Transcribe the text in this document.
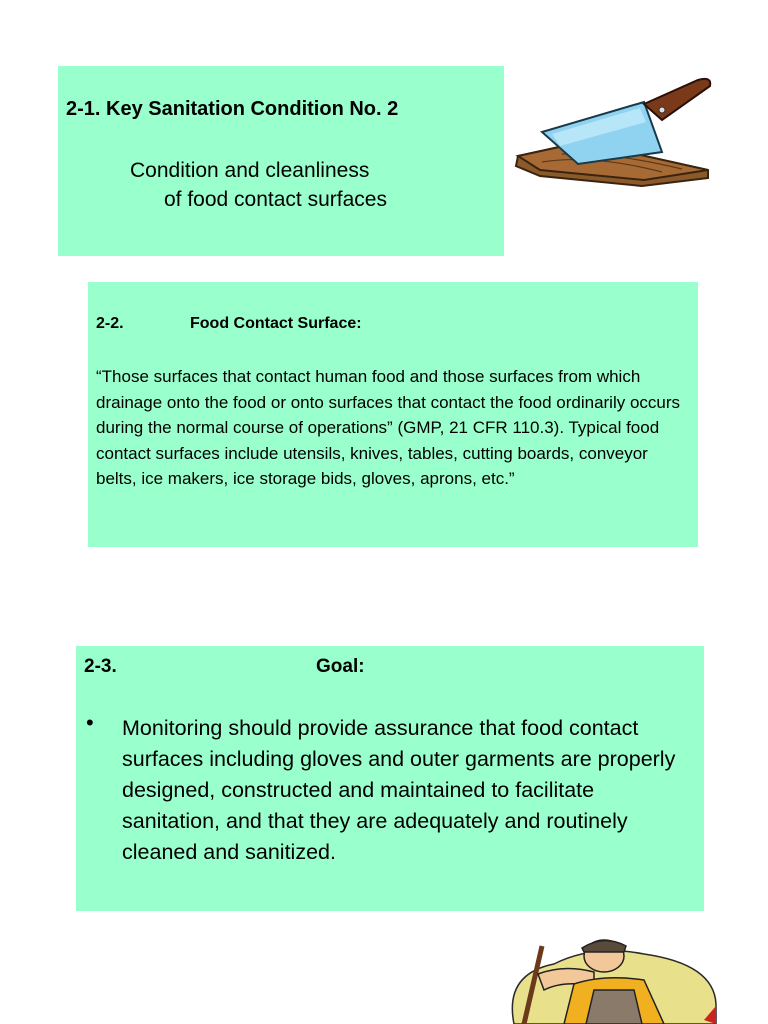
2-1. Key Sanitation Condition No. 2
Condition and cleanliness
of food contact surfaces
2-2.	Food Contact Surface:
“Those surfaces that contact human food and those surfaces from which drainage onto the food or onto surfaces that contact the food ordinarily occurs during the normal course of operations” (GMP, 21 CFR 110.3). Typical food contact surfaces include utensils, knives, tables, cutting boards, conveyor belts, ice makers, ice storage bids, gloves, aprons, etc.”
2-3.	Goal:
• Monitoring should provide assurance that food contact surfaces including gloves and outer garments are properly designed, constructed and maintained to facilitate sanitation, and that they are adequately and routinely cleaned and sanitized.
